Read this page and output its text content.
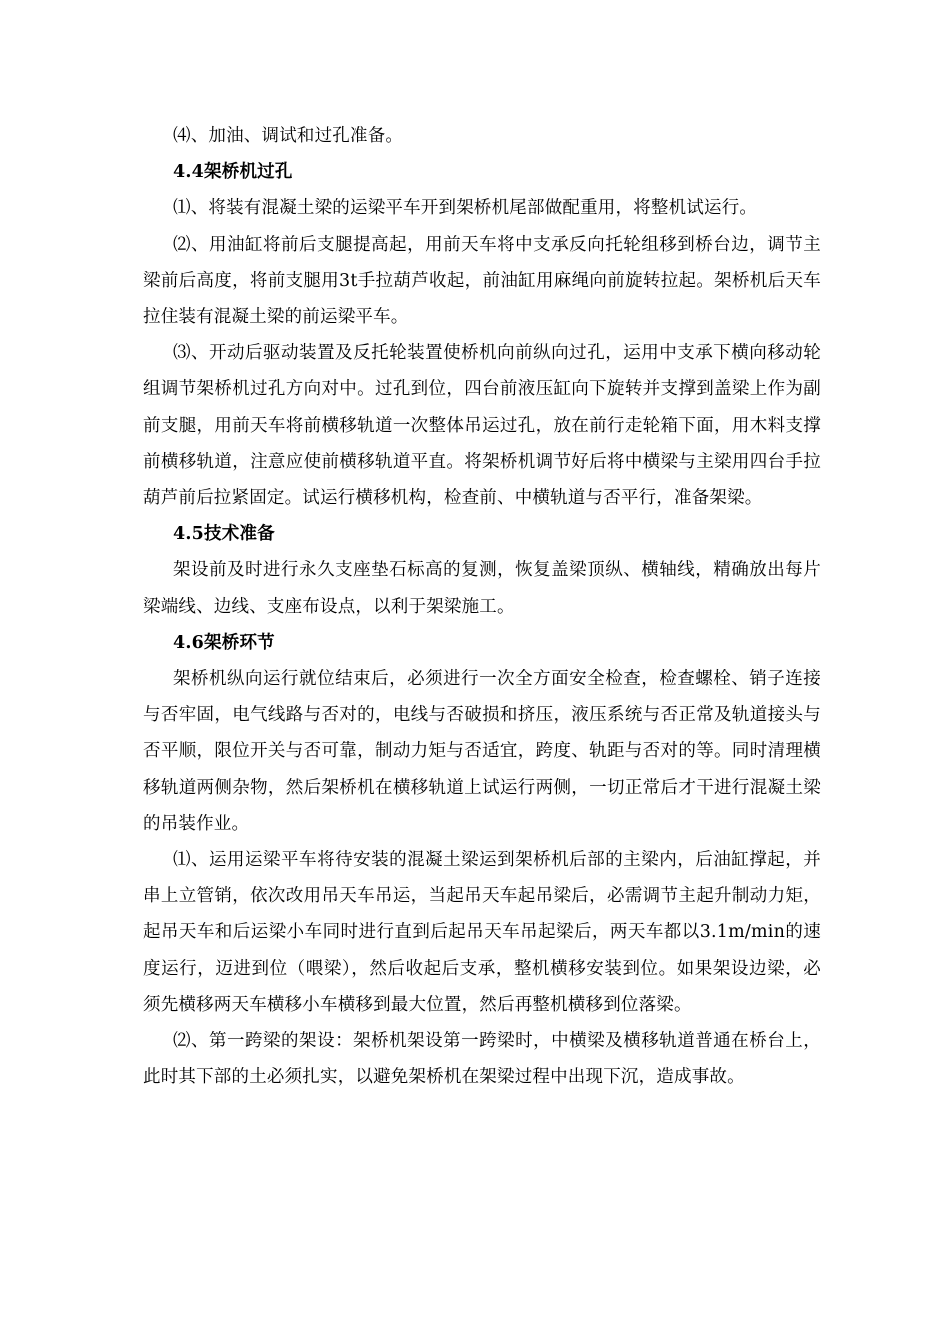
⑷、加油、调试和过孔准备。

4.4架桥机过孔

⑴、将装有混凝土梁的运梁平车开到架桥机尾部做配重用，将整机试运行。

⑵、用油缸将前后支腿提高起，用前天车将中支承反向托轮组移到桥台边，调节主梁前后高度，将前支腿用3t手拉葫芦收起，前油缸用麻绳向前旋转拉起。架桥机后天车拉住装有混凝土梁的前运梁平车。

⑶、开动后驱动装置及反托轮装置使桥机向前纵向过孔，运用中支承下横向移动轮组调节架桥机过孔方向对中。过孔到位，四台前液压缸向下旋转并支撑到盖梁上作为副前支腿，用前天车将前横移轨道一次整体吊运过孔，放在前行走轮箱下面，用木料支撑前横移轨道，注意应使前横移轨道平直。将架桥机调节好后将中横梁与主梁用四台手拉葫芦前后拉紧固定。试运行横移机构，检查前、中横轨道与否平行，准备架梁。

4.5技术准备

架设前及时进行永久支座垫石标高的复测，恢复盖梁顶纵、横轴线，精确放出每片梁端线、边线、支座布设点，以利于架梁施工。

4.6架桥环节

架桥机纵向运行就位结束后，必须进行一次全方面安全检查，检查螺栓、销子连接与否牢固，电气线路与否对的，电线与否破损和挤压，液压系统与否正常及轨道接头与否平顺，限位开关与否可靠，制动力矩与否适宜，跨度、轨距与否对的等。同时清理横移轨道两侧杂物，然后架桥机在横移轨道上试运行两侧，一切正常后才干进行混凝土梁的吊装作业。

⑴、运用运梁平车将待安装的混凝土梁运到架桥机后部的主梁内，后油缸撑起，并串上立管销，依次改用吊天车吊运，当起吊天车起吊梁后，必需调节主起升制动力矩，起吊天车和后运梁小车同时进行直到后起吊天车吊起梁后，两天车都以3.1m/min的速度运行，迈进到位（喂梁），然后收起后支承，整机横移安装到位。如果架设边梁，必须先横移两天车横移小车横移到最大位置，然后再整机横移到位落梁。

⑵、第一跨梁的架设：架桥机架设第一跨梁时，中横梁及横移轨道普通在桥台上，此时其下部的土必须扎实，以避免架桥机在架梁过程中出现下沉，造成事故。
